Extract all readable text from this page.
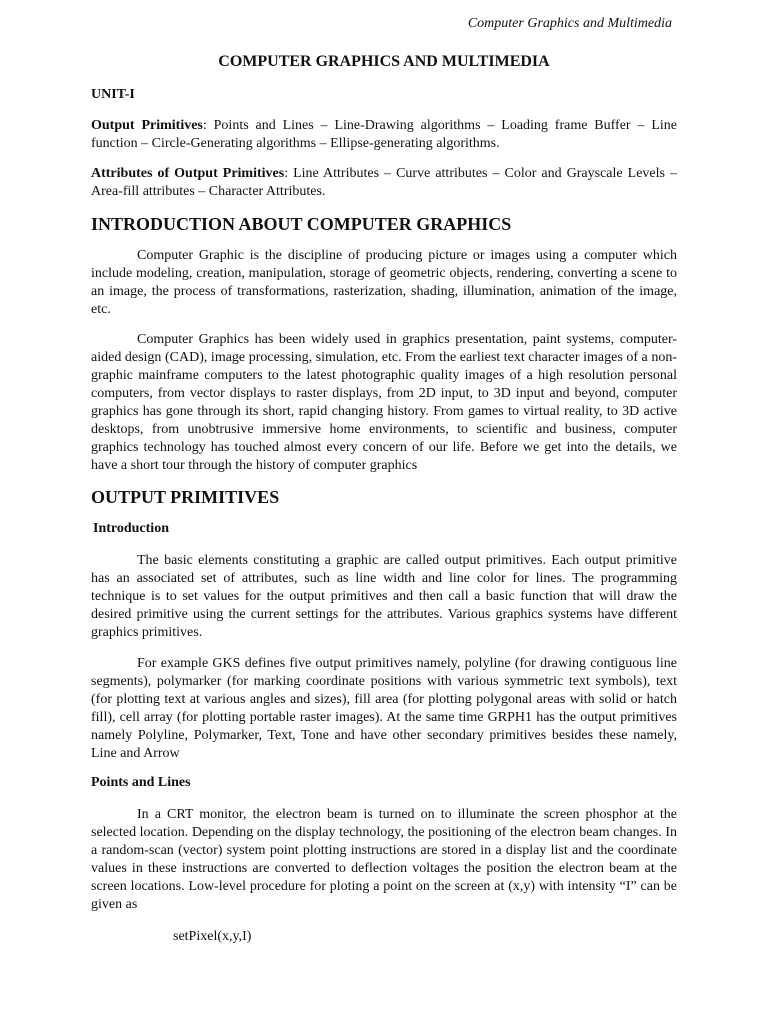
Computer Graphics and Multimedia
COMPUTER GRAPHICS AND MULTIMEDIA
UNIT-I

Output Primitives: Points and Lines – Line-Drawing algorithms – Loading frame Buffer – Line function – Circle-Generating algorithms – Ellipse-generating algorithms.

Attributes of Output Primitives: Line Attributes – Curve attributes – Color and Grayscale Levels – Area-fill attributes – Character Attributes.

INTRODUCTION ABOUT COMPUTER GRAPHICS

Computer Graphic is the discipline of producing picture or images using a computer which include modeling, creation, manipulation, storage of geometric objects, rendering, converting a scene to an image, the process of transformations, rasterization, shading, illumination, animation of the image, etc.

Computer Graphics has been widely used in graphics presentation, paint systems, computer-aided design (CAD), image processing, simulation, etc. From the earliest text character images of a non-graphic mainframe computers to the latest photographic quality images of a high resolution personal computers, from vector displays to raster displays, from 2D input, to 3D input and beyond, computer graphics has gone through its short, rapid changing history. From games to virtual reality, to 3D active desktops, from unobtrusive immersive home environments, to scientific and business, computer graphics technology has touched almost every concern of our life. Before we get into the details, we have a short tour through the history of computer graphics

OUTPUT PRIMITIVES
Introduction

The basic elements constituting a graphic are called output primitives. Each output primitive has an associated set of attributes, such as line width and line color for lines. The programming technique is to set values for the output primitives and then call a basic function that will draw the desired primitive using the current settings for the attributes. Various graphics systems have different graphics primitives.

For example GKS defines five output primitives namely, polyline (for drawing contiguous line segments), polymarker (for marking coordinate positions with various symmetric text symbols), text (for plotting text at various angles and sizes), fill area (for plotting polygonal areas with solid or hatch fill), cell array (for plotting portable raster images). At the same time GRPH1 has the output primitives namely Polyline, Polymarker, Text, Tone and have other secondary primitives besides these namely, Line and Arrow

Points and Lines

In a CRT monitor, the electron beam is turned on to illuminate the screen phosphor at the selected location. Depending on the display technology, the positioning of the electron beam changes. In a random-scan (vector) system point plotting instructions are stored in a display list and the coordinate values in these instructions are converted to deflection voltages the position the electron beam at the screen locations. Low-level procedure for ploting a point on the screen at (x,y) with intensity “I” can be given as

setPixel(x,y,I)
